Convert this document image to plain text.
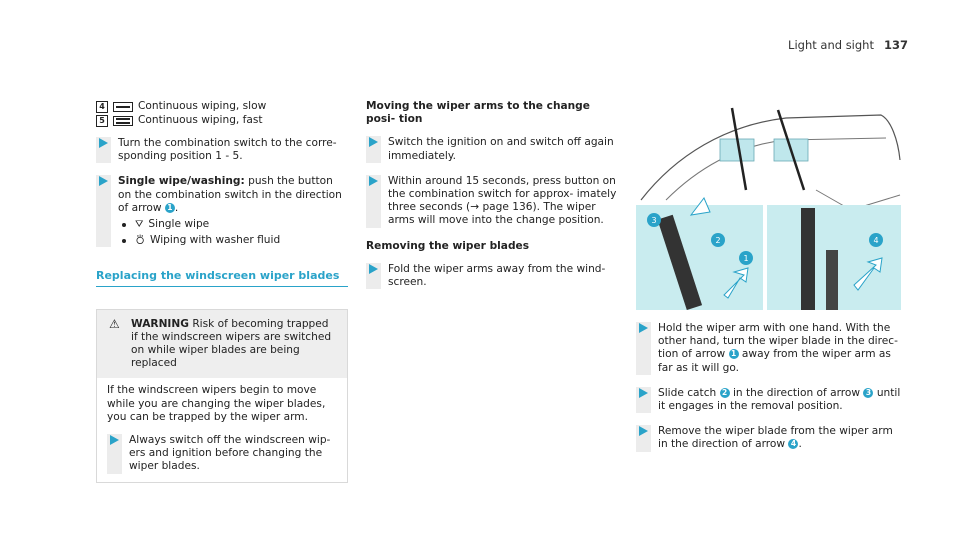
Light and sight 137
4	Continuous wiping, slow
5	Continuous wiping, fast
Turn the combination switch to the corre- sponding position 1 - 5.
Single wipe/washing: push the button on the combination switch in the direction of arrow 1 .
⛛ Single wipe
⛣ Wiping with washer fluid
Replacing the windscreen wiper blades
⚠ WARNING Risk of becoming trapped if the windscreen wipers are switched on while wiper blades are being replaced
If the windscreen wipers begin to move while you are changing the wiper blades, you can be trapped by the wiper arm.
Always switch off the windscreen wip- ers and ignition before changing the wiper blades.
Moving the wiper arms to the change posi- tion
Switch the ignition on and switch off again immediately.
Within around 15 seconds, press button on the combination switch for approx- imately three seconds (→ page 136). The wiper arms will move into the change position.
Removing the wiper blades
Fold the wiper arms away from the wind- screen.
1
2
3
4
Hold the wiper arm with one hand. With the other hand, turn the wiper blade in the direc- tion of arrow 1 away from the wiper arm as far as it will go.
Slide catch 2 in the direction of arrow 3 until it engages in the removal position.
Remove the wiper blade from the wiper arm in the direction of arrow 4 .
